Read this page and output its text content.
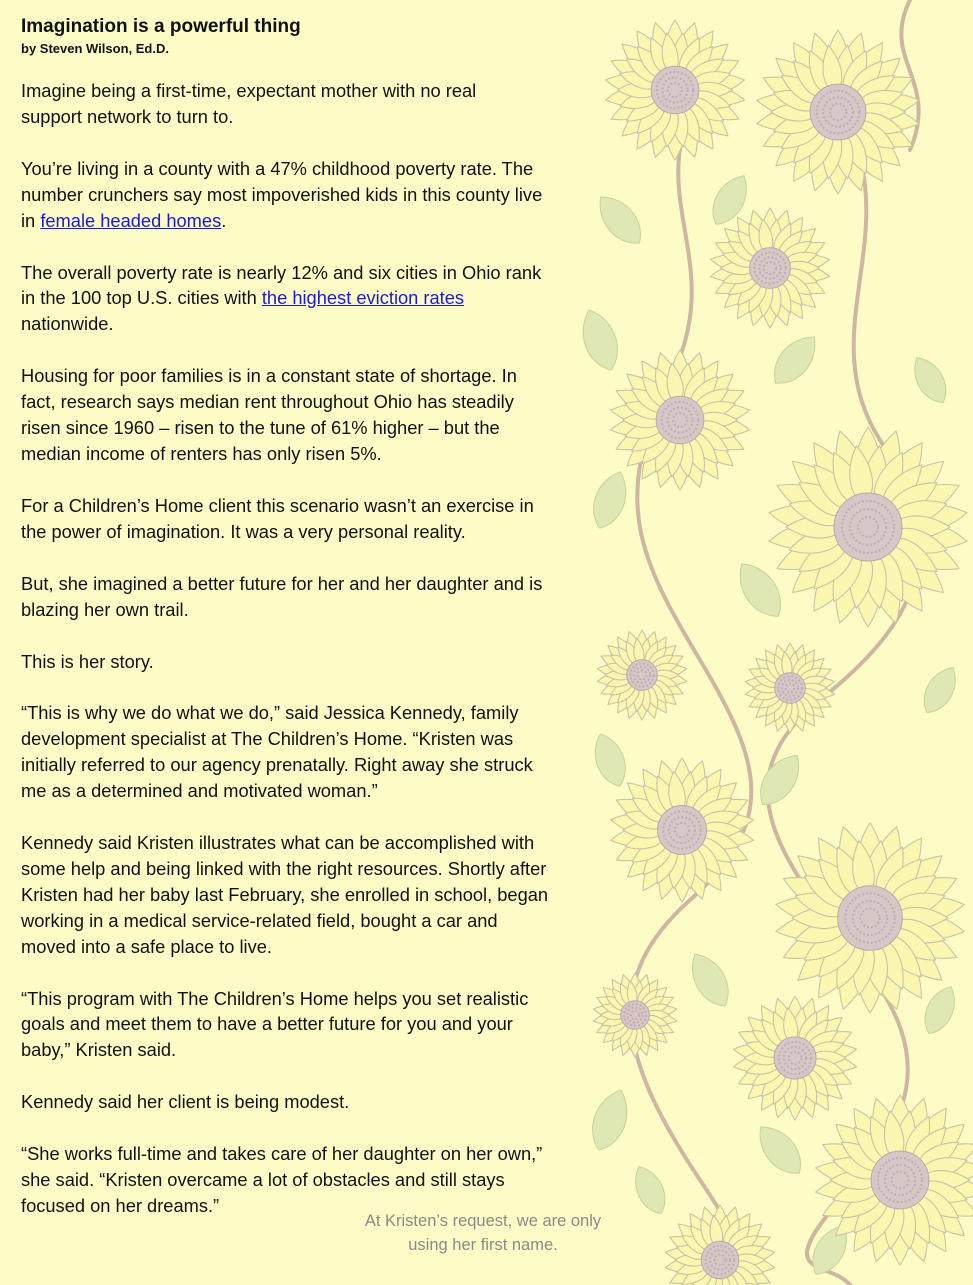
Imagination is a powerful thing

by Steven Wilson, Ed.D.

Imagine being a first-time, expectant mother with no real
support network to turn to.

You’re living in a county with a 47% childhood poverty rate. The
number crunchers say most impoverished kids in this county live
in female headed homes.

The overall poverty rate is nearly 12% and six cities in Ohio rank
in the 100 top U.S. cities with the highest eviction rates
nationwide.

Housing for poor families is in a constant state of shortage. In
fact, research says median rent throughout Ohio has steadily
risen since 1960 – risen to the tune of 61% higher – but the
median income of renters has only risen 5%.

For a Children’s Home client this scenario wasn’t an exercise in
the power of imagination. It was a very personal reality.

But, she imagined a better future for her and her daughter and is
blazing her own trail.

This is her story.

“This is why we do what we do,” said Jessica Kennedy, family
development specialist at The Children’s Home. “Kristen was
initially referred to our agency prenatally. Right away she struck
me as a determined and motivated woman.”

Kennedy said Kristen illustrates what can be accomplished with
some help and being linked with the right resources. Shortly after
Kristen had her baby last February, she enrolled in school, began
working in a medical service-related field, bought a car and
moved into a safe place to live.

“This program with The Children’s Home helps you set realistic
goals and meet them to have a better future for you and your
baby,” Kristen said.

Kennedy said her client is being modest.

“She works full-time and takes care of her daughter on her own,”
she said. “Kristen overcame a lot of obstacles and still stays
focused on her dreams.”

At Kristen’s request, we are only
using her first name.
